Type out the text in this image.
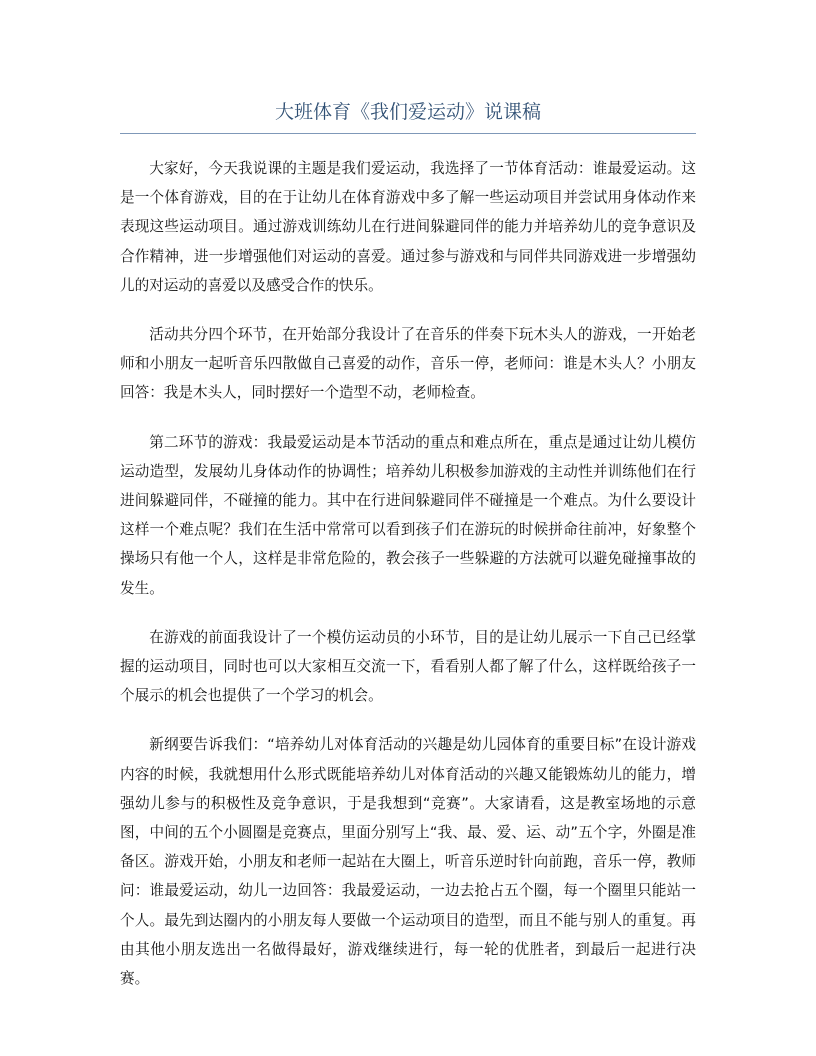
大班体育《我们爱运动》说课稿

大家好，今天我说课的主题是我们爱运动，我选择了一节体育活动：谁最爱运动。这是一个体育游戏，目的在于让幼儿在体育游戏中多了解一些运动项目并尝试用身体动作来表现这些运动项目。通过游戏训练幼儿在行进间躲避同伴的能力并培养幼儿的竞争意识及合作精神，进一步增强他们对运动的喜爱。通过参与游戏和与同伴共同游戏进一步增强幼儿的对运动的喜爱以及感受合作的快乐。

活动共分四个环节，在开始部分我设计了在音乐的伴奏下玩木头人的游戏，一开始老师和小朋友一起听音乐四散做自己喜爱的动作，音乐一停，老师问：谁是木头人？小朋友回答：我是木头人，同时摆好一个造型不动，老师检查。

第二环节的游戏：我最爱运动是本节活动的重点和难点所在，重点是通过让幼儿模仿运动造型，发展幼儿身体动作的协调性；培养幼儿积极参加游戏的主动性并训练他们在行进间躲避同伴，不碰撞的能力。其中在行进间躲避同伴不碰撞是一个难点。为什么要设计这样一个难点呢？我们在生活中常常可以看到孩子们在游玩的时候拼命往前冲，好象整个操场只有他一个人，这样是非常危险的，教会孩子一些躲避的方法就可以避免碰撞事故的发生。

在游戏的前面我设计了一个模仿运动员的小环节，目的是让幼儿展示一下自己已经掌握的运动项目，同时也可以大家相互交流一下，看看别人都了解了什么，这样既给孩子一个展示的机会也提供了一个学习的机会。

新纲要告诉我们：“培养幼儿对体育活动的兴趣是幼儿园体育的重要目标”在设计游戏内容的时候，我就想用什么形式既能培养幼儿对体育活动的兴趣又能锻炼幼儿的能力，增强幼儿参与的积极性及竞争意识，于是我想到“竞赛”。大家请看，这是教室场地的示意图，中间的五个小圆圈是竞赛点，里面分别写上“我、最、爱、运、动”五个字，外圈是准备区。游戏开始，小朋友和老师一起站在大圈上，听音乐逆时针向前跑，音乐一停，教师问：谁最爱运动，幼儿一边回答：我最爱运动，一边去抢占五个圈，每一个圈里只能站一个人。最先到达圈内的小朋友每人要做一个运动项目的造型，而且不能与别人的重复。再由其他小朋友选出一名做得最好，游戏继续进行，每一轮的优胜者，到最后一起进行决赛。
